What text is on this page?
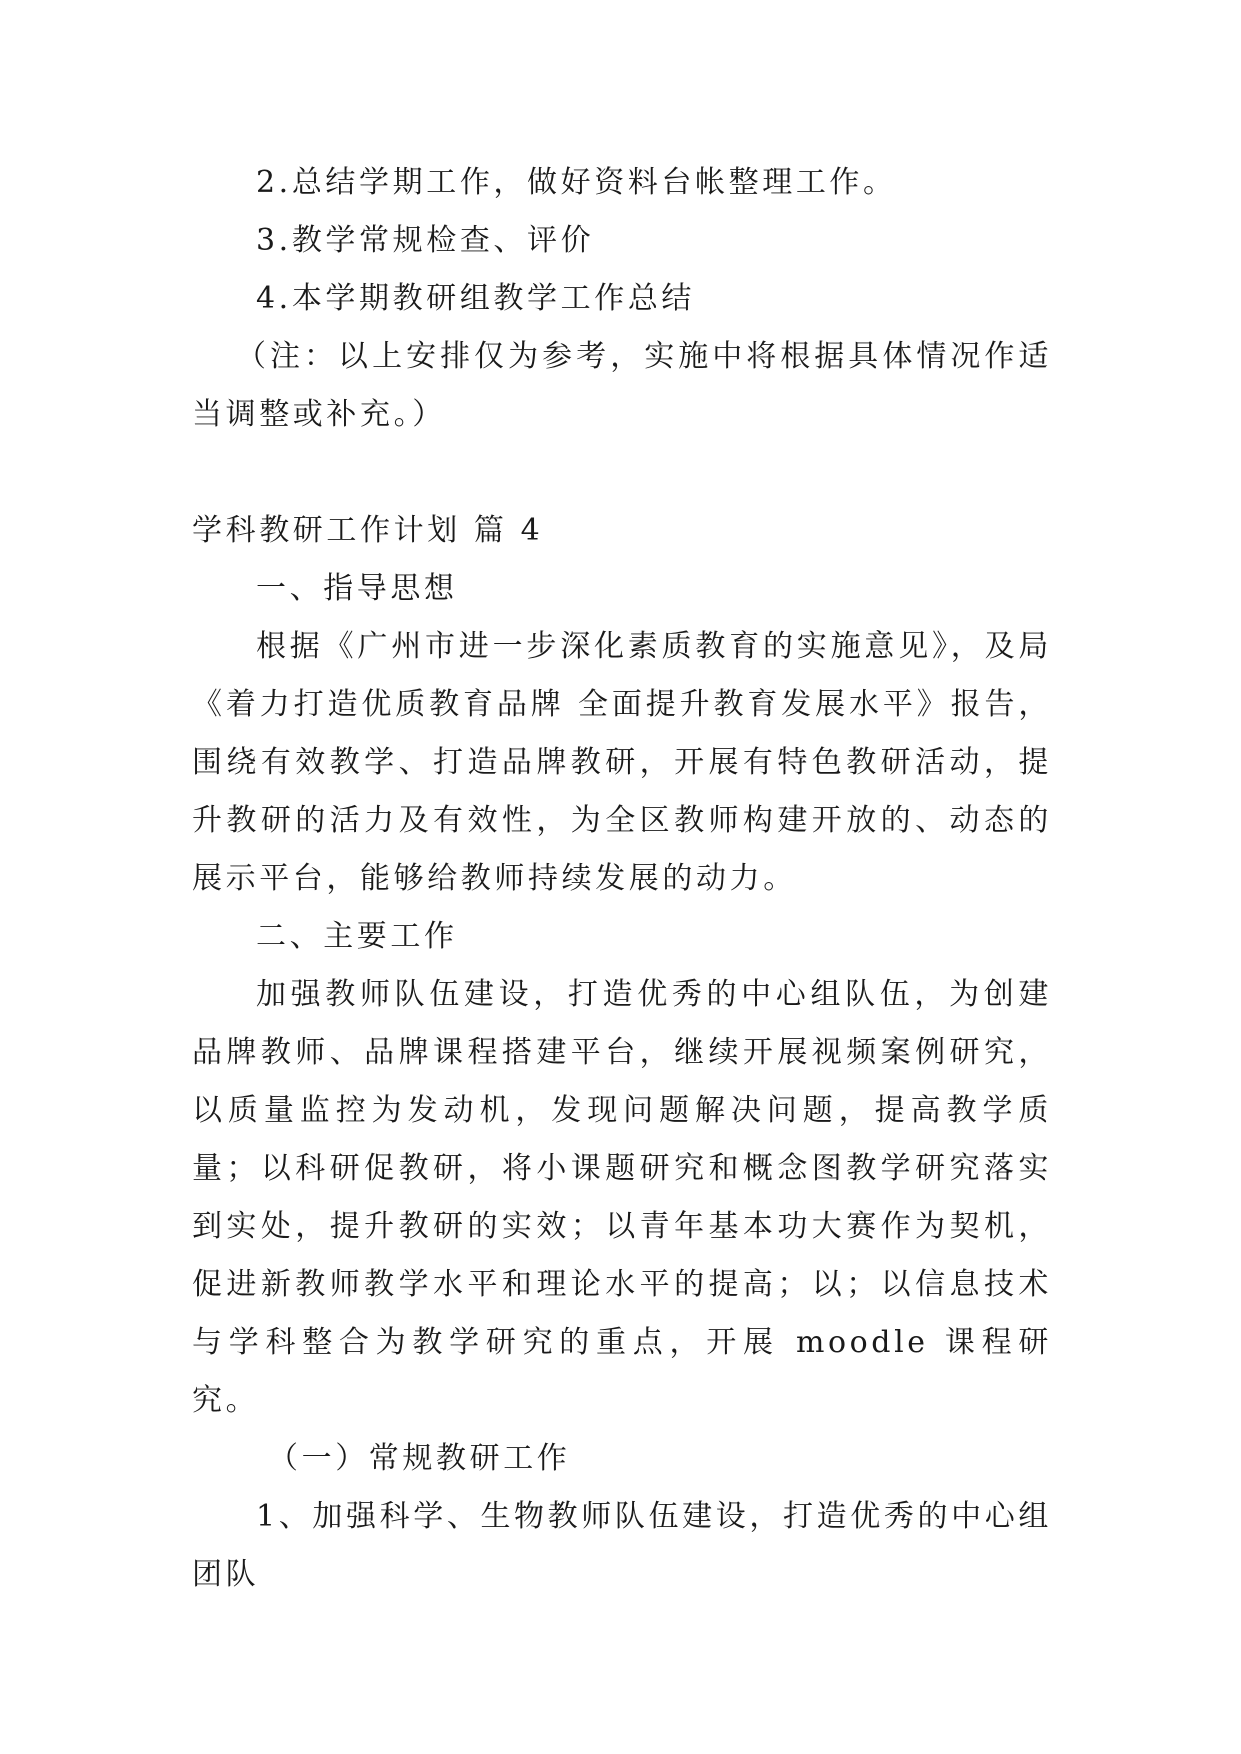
2.总结学期工作，做好资料台帐整理工作。

3.教学常规检查、评价

4.本学期教研组教学工作总结

（注：以上安排仅为参考，实施中将根据具体情况作适当调整或补充。）

学科教研工作计划 篇 4

一、指导思想

根据《广州市进一步深化素质教育的实施意见》，及局《着力打造优质教育品牌 全面提升教育发展水平》报告，围绕有效教学、打造品牌教研，开展有特色教研活动，提升教研的活力及有效性，为全区教师构建开放的、动态的展示平台，能够给教师持续发展的动力。

二、主要工作

加强教师队伍建设，打造优秀的中心组队伍，为创建品牌教师、品牌课程搭建平台，继续开展视频案例研究，以质量监控为发动机，发现问题解决问题，提高教学质量；以科研促教研，将小课题研究和概念图教学研究落实到实处，提升教研的实效；以青年基本功大赛作为契机，促进新教师教学水平和理论水平的提高；以；以信息技术与学科整合为教学研究的重点，开展 moodle 课程研究。

（一）常规教研工作

1、加强科学、生物教师队伍建设，打造优秀的中心组团队
